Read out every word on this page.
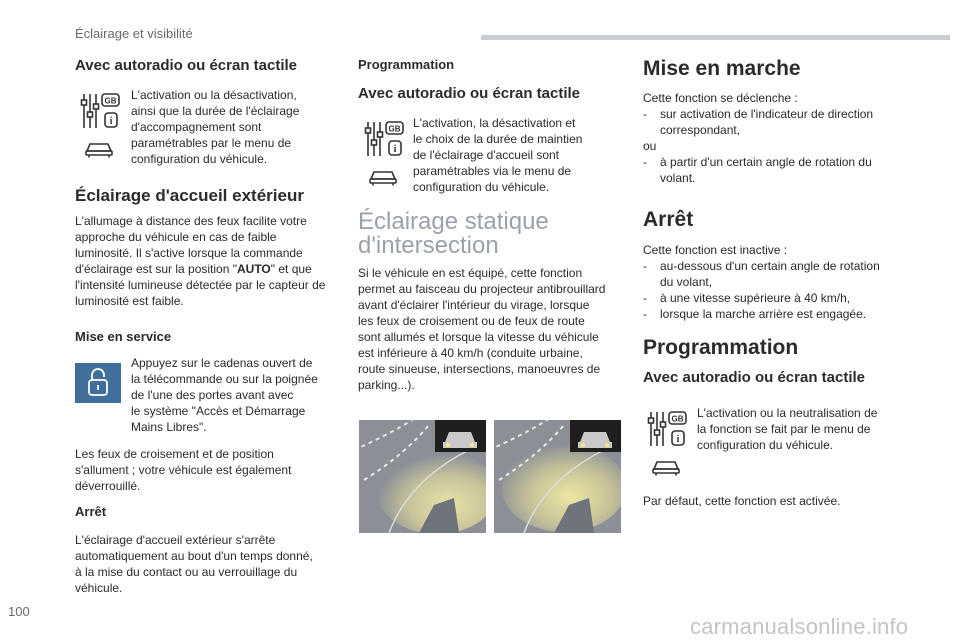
Éclairage et visibilité
Avec autoradio ou écran tactile
GB
i
L'activation ou la désactivation,
ainsi que la durée de l'éclairage
d'accompagnement sont
paramétrables par le menu de
configuration du véhicule.
Éclairage d'accueil extérieur
L'allumage à distance des feux facilite votre
approche du véhicule en cas de faible
luminosité. Il s'active lorsque la commande
d'éclairage est sur la position "AUTO" et que
l'intensité lumineuse détectée par le capteur de
luminosité est faible.
Mise en service
Appuyez sur le cadenas ouvert de
la télécommande ou sur la poignée
de l'une des portes avant avec
le système "Accès et Démarrage
Mains Libres".
Les feux de croisement et de position
s'allument ; votre véhicule est également
déverrouillé.
Arrêt
L'éclairage d'accueil extérieur s'arrête
automatiquement au bout d'un temps donné,
à la mise du contact ou au verrouillage du
véhicule.
Programmation
Avec autoradio ou écran tactile
GB
i
L'activation, la désactivation et
le choix de la durée de maintien
de l'éclairage d'accueil sont
paramétrables via le menu de
configuration du véhicule.
Éclairage statique
d'intersection
Si le véhicule en est équipé, cette fonction
permet au faisceau du projecteur antibrouillard
avant d'éclairer l'intérieur du virage, lorsque
les feux de croisement ou de feux de route
sont allumés et lorsque la vitesse du véhicule
est inférieure à 40 km/h (conduite urbaine,
route sinueuse, intersections, manoeuvres de
parking...).
Mise en marche
Cette fonction se déclenche :
- sur activation de l'indicateur de direction
correspondant,
ou
- à partir d'un certain angle de rotation du
volant.
Arrêt
Cette fonction est inactive :
- au-dessous d'un certain angle de rotation
du volant,
- à une vitesse supérieure à 40 km/h,
- lorsque la marche arrière est engagée.
Programmation
Avec autoradio ou écran tactile
GB
i
L'activation ou la neutralisation de
la fonction se fait par le menu de
configuration du véhicule.
Par défaut, cette fonction est activée.
100
carmanualsonline.info
